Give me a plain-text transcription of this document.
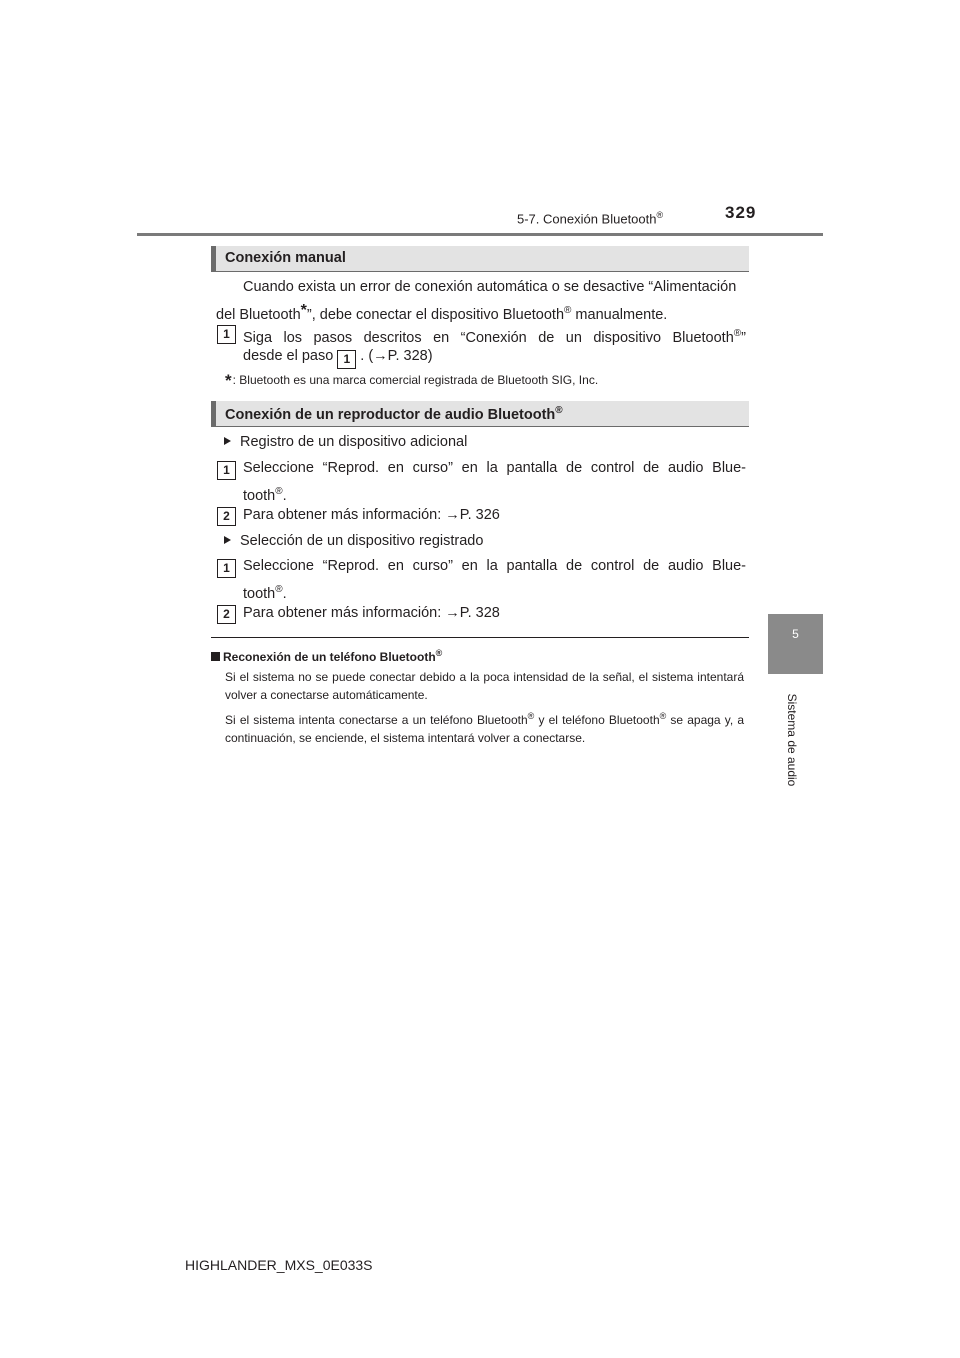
5-7. Conexión Bluetooth®	329
5
Sistema de audio
Conexión manual
Cuando exista un error de conexión automática o se desactive “Alimentación
del Bluetooth*”, debe conectar el dispositivo Bluetooth® manualmente.
1 Siga los pasos descritos en “Conexión de un dispositivo Bluetooth®”
desde el paso 1 . (→P. 328)
*: Bluetooth es una marca comercial registrada de Bluetooth SIG, Inc.
Conexión de un reproductor de audio Bluetooth®
Registro de un dispositivo adicional
1 Seleccione “Reprod. en curso” en la pantalla de control de audio Blue-
tooth®.
2 Para obtener más información: →P. 326
Selección de un dispositivo registrado
1 Seleccione “Reprod. en curso” en la pantalla de control de audio Blue-
tooth®.
2 Para obtener más información: →P. 328
Reconexión de un teléfono Bluetooth®
Si el sistema no se puede conectar debido a la poca intensidad de la señal, el sistema intentará volver a conectarse automáticamente.
Si el sistema intenta conectarse a un teléfono Bluetooth® y el teléfono Bluetooth® se apaga y, a continuación, se enciende, el sistema intentará volver a conectarse.
HIGHLANDER_MXS_0E033S
